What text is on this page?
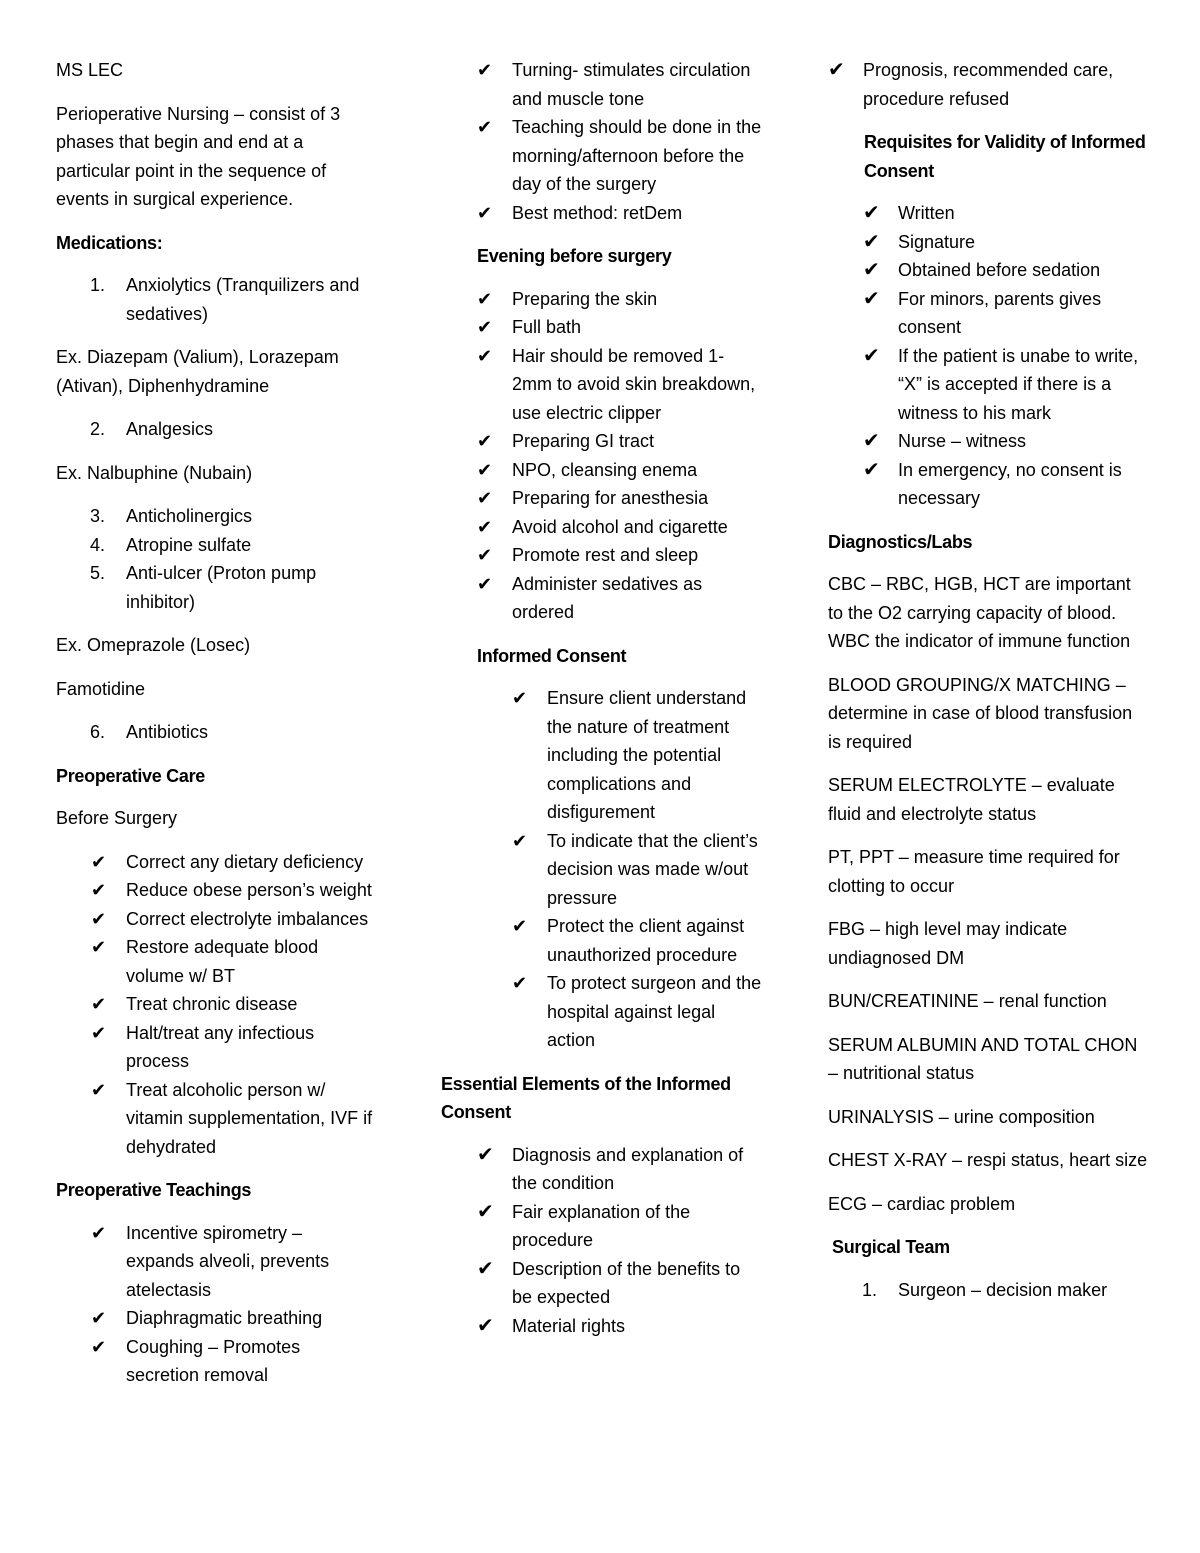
MS LEC

Perioperative Nursing – consist of 3 phases that begin and end at a particular point in the sequence of events in surgical experience.

Medications:

1. Anxiolytics (Tranquilizers and sedatives)

Ex. Diazepam (Valium), Lorazepam (Ativan), Diphenhydramine

2. Analgesics

Ex. Nalbuphine (Nubain)

3. Anticholinergics
4. Atropine sulfate
5. Anti-ulcer (Proton pump inhibitor)

Ex. Omeprazole (Losec)

Famotidine

6. Antibiotics

Preoperative Care

Before Surgery

✔ Correct any dietary deficiency
✔ Reduce obese person’s weight
✔ Correct electrolyte imbalances
✔ Restore adequate blood volume w/ BT
✔ Treat chronic disease
✔ Halt/treat any infectious process
✔ Treat alcoholic person w/ vitamin supplementation, IVF if dehydrated

Preoperative Teachings

✔ Incentive spirometry – expands alveoli, prevents atelectasis
✔ Diaphragmatic breathing
✔ Coughing – Promotes secretion removal
✔ Turning- stimulates circulation and muscle tone
✔ Teaching should be done in the morning/afternoon before the day of the surgery
✔ Best method: retDem

Evening before surgery

✔ Preparing the skin
✔ Full bath
✔ Hair should be removed 1-2mm to avoid skin breakdown, use electric clipper
✔ Preparing GI tract
✔ NPO, cleansing enema
✔ Preparing for anesthesia
✔ Avoid alcohol and cigarette
✔ Promote rest and sleep
✔ Administer sedatives as ordered

Informed Consent

✔ Ensure client understand the nature of treatment including the potential complications and disfigurement
✔ To indicate that the client’s decision was made w/out pressure
✔ Protect the client against unauthorized procedure
✔ To protect surgeon and the hospital against legal action

Essential Elements of the Informed Consent

✔ Diagnosis and explanation of the condition
✔ Fair explanation of the procedure
✔ Description of the benefits to be expected
✔ Material rights
✔ Prognosis, recommended care, procedure refused

Requisites for Validity of Informed Consent

✔ Written
✔ Signature
✔ Obtained before sedation
✔ For minors, parents gives consent
✔ If the patient is unabe to write, “X” is accepted if there is a witness to his mark
✔ Nurse – witness
✔ In emergency, no consent is necessary

Diagnostics/Labs

CBC – RBC, HGB, HCT are important to the O2 carrying capacity of blood. WBC the indicator of immune function

BLOOD GROUPING/X MATCHING – determine in case of blood transfusion is required

SERUM ELECTROLYTE – evaluate fluid and electrolyte status

PT, PPT – measure time required for clotting to occur

FBG – high level may indicate undiagnosed DM

BUN/CREATININE – renal function

SERUM ALBUMIN AND TOTAL CHON – nutritional status

URINALYSIS – urine composition

CHEST X-RAY – respi status, heart size

ECG – cardiac problem

Surgical Team

1. Surgeon – decision maker
